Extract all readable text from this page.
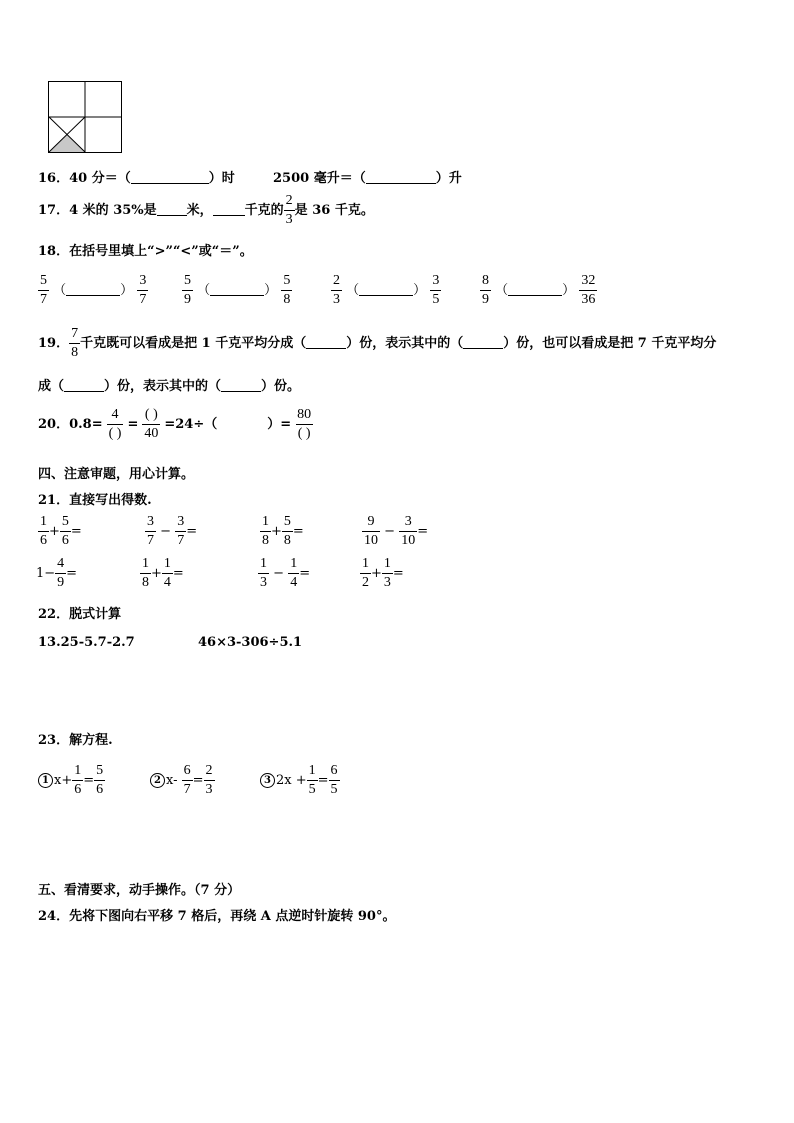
16．40 分＝（	）时	2500 毫升＝（	）升
17．4 米的 35%是 米， 千克的 $\frac{2}{3}$ 是 36 千克。
18．在括号里填上“>”“<”或“＝”。
$\frac{5}{7}$ （	） $\frac{3}{7} \frac{5}{9}$ （	） $\frac{5}{8}$	$\frac{2}{3}$ （	） $\frac{3}{5}$	$\frac{8}{9}$ （	） $\frac{32}{36}$
19． $\frac{7}{8}$ 千克既可以看成是把 1 千克平均分成（	）份，表示其中的（	）份，也可以看成是把 7 千克平均分
成（	）份，表示其中的（	）份。
20．$0.8= \frac{4}{( )} = \frac{( )}{40} =24\div$（	）= $\frac{80}{( )}$
四、注意审题，用心计算。
21．直接写出得数.
$\frac{1}{6} + \frac{5}{6}$ =	$\frac{3}{7} - \frac{3}{7}$ =	$\frac{1}{8} + \frac{5}{8}$ =	$\frac{9}{10} - \frac{3}{10}$ =
$1- \frac{4}{9}$ =	$\frac{1}{8} + \frac{1}{4}$ =	$\frac{1}{3} - \frac{1}{4}$ =	$\frac{1}{2} + \frac{1}{3}$ =
22．脱式计算
13.25-5.7-2.7	46×3-306÷5.1
23．解方程.
1 $x+ \frac{1}{6} = \frac{5}{6}$	2 $x- \frac{6}{7} = \frac{2}{3}$	3 $2x + \frac{1}{5} = \frac{6}{5}$
五、看清要求，动手操作。（7 分）
24．先将下图向右平移 7 格后，再绕 A 点逆时针旋转 90°。
